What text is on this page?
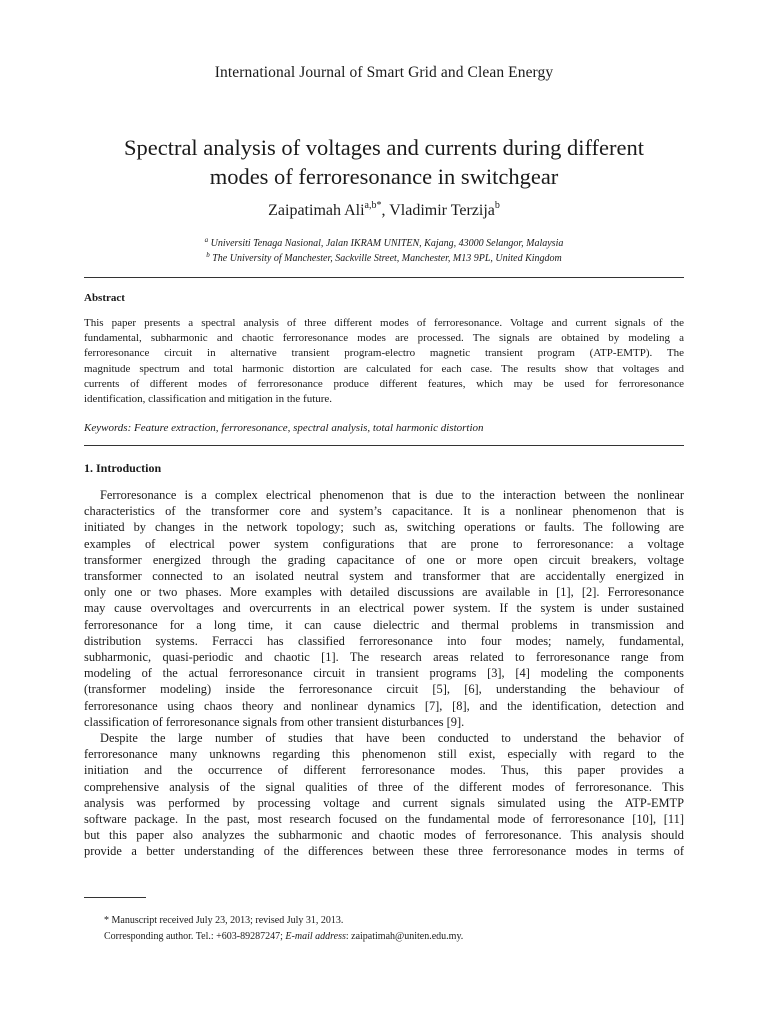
International Journal of Smart Grid and Clean Energy
Spectral analysis of voltages and currents during different
modes of ferroresonance in switchgear
Zaipatimah Ali$^{a,b*}$, Vladimir Terzija$^b$
$^a$ Universiti Tenaga Nasional, Jalan IKRAM UNITEN, Kajang, 43000 Selangor, Malaysia
$^b$ The University of Manchester, Sackville Street, Manchester, M13 9PL, United Kingdom
Abstract
This paper presents a spectral analysis of three different modes of ferroresonance. Voltage and current signals of the
fundamental, subharmonic and chaotic ferroresonance modes are processed. The signals are obtained by modeling a
ferroresonance circuit in alternative transient program-electro magnetic transient program (ATP-EMTP). The
magnitude spectrum and total harmonic distortion are calculated for each case. The results show that voltages and
currents of different modes of ferroresonance produce different features, which may be used for ferroresonance
identification, classification and mitigation in the future.
Keywords: Feature extraction, ferroresonance, spectral analysis, total harmonic distortion
1. Introduction
Ferroresonance is a complex electrical phenomenon that is due to the interaction between the nonlinear
characteristics of the transformer core and system’s capacitance. It is a nonlinear phenomenon that is
initiated by changes in the network topology; such as, switching operations or faults. The following are
examples of electrical power system configurations that are prone to ferroresonance: a voltage
transformer energized through the grading capacitance of one or more open circuit breakers, voltage
transformer connected to an isolated neutral system and transformer that are accidentally energized in
only one or two phases. More examples with detailed discussions are available in [1], [2]. Ferroresonance
may cause overvoltages and overcurrents in an electrical power system. If the system is under sustained
ferroresonance for a long time, it can cause dielectric and thermal problems in transmission and
distribution systems. Ferracci has classified ferroresonance into four modes; namely, fundamental,
subharmonic, quasi-periodic and chaotic [1]. The research areas related to ferroresonance range from
modeling of the actual ferroresonance circuit in transient programs [3], [4] modeling the components
(transformer modeling) inside the ferroresonance circuit [5], [6], understanding the behaviour of
ferroresonance using chaos theory and nonlinear dynamics [7], [8], and the identification, detection and
classification of ferroresonance signals from other transient disturbances [9].
Despite the large number of studies that have been conducted to understand the behavior of
ferroresonance many unknowns regarding this phenomenon still exist, especially with regard to the
initiation and the occurrence of different ferroresonance modes. Thus, this paper provides a
comprehensive analysis of the signal qualities of three of the different modes of ferroresonance. This
analysis was performed by processing voltage and current signals simulated using the ATP-EMTP
software package. In the past, most research focused on the fundamental mode of ferroresonance [10], [11]
but this paper also analyzes the subharmonic and chaotic modes of ferroresonance. This analysis should
provide a better understanding of the differences between these three ferroresonance modes in terms of
* Manuscript received July 23, 2013; revised July 31, 2013.
Corresponding author. Tel.: +603-89287247; E-mail address: zaipatimah@uniten.edu.my.
